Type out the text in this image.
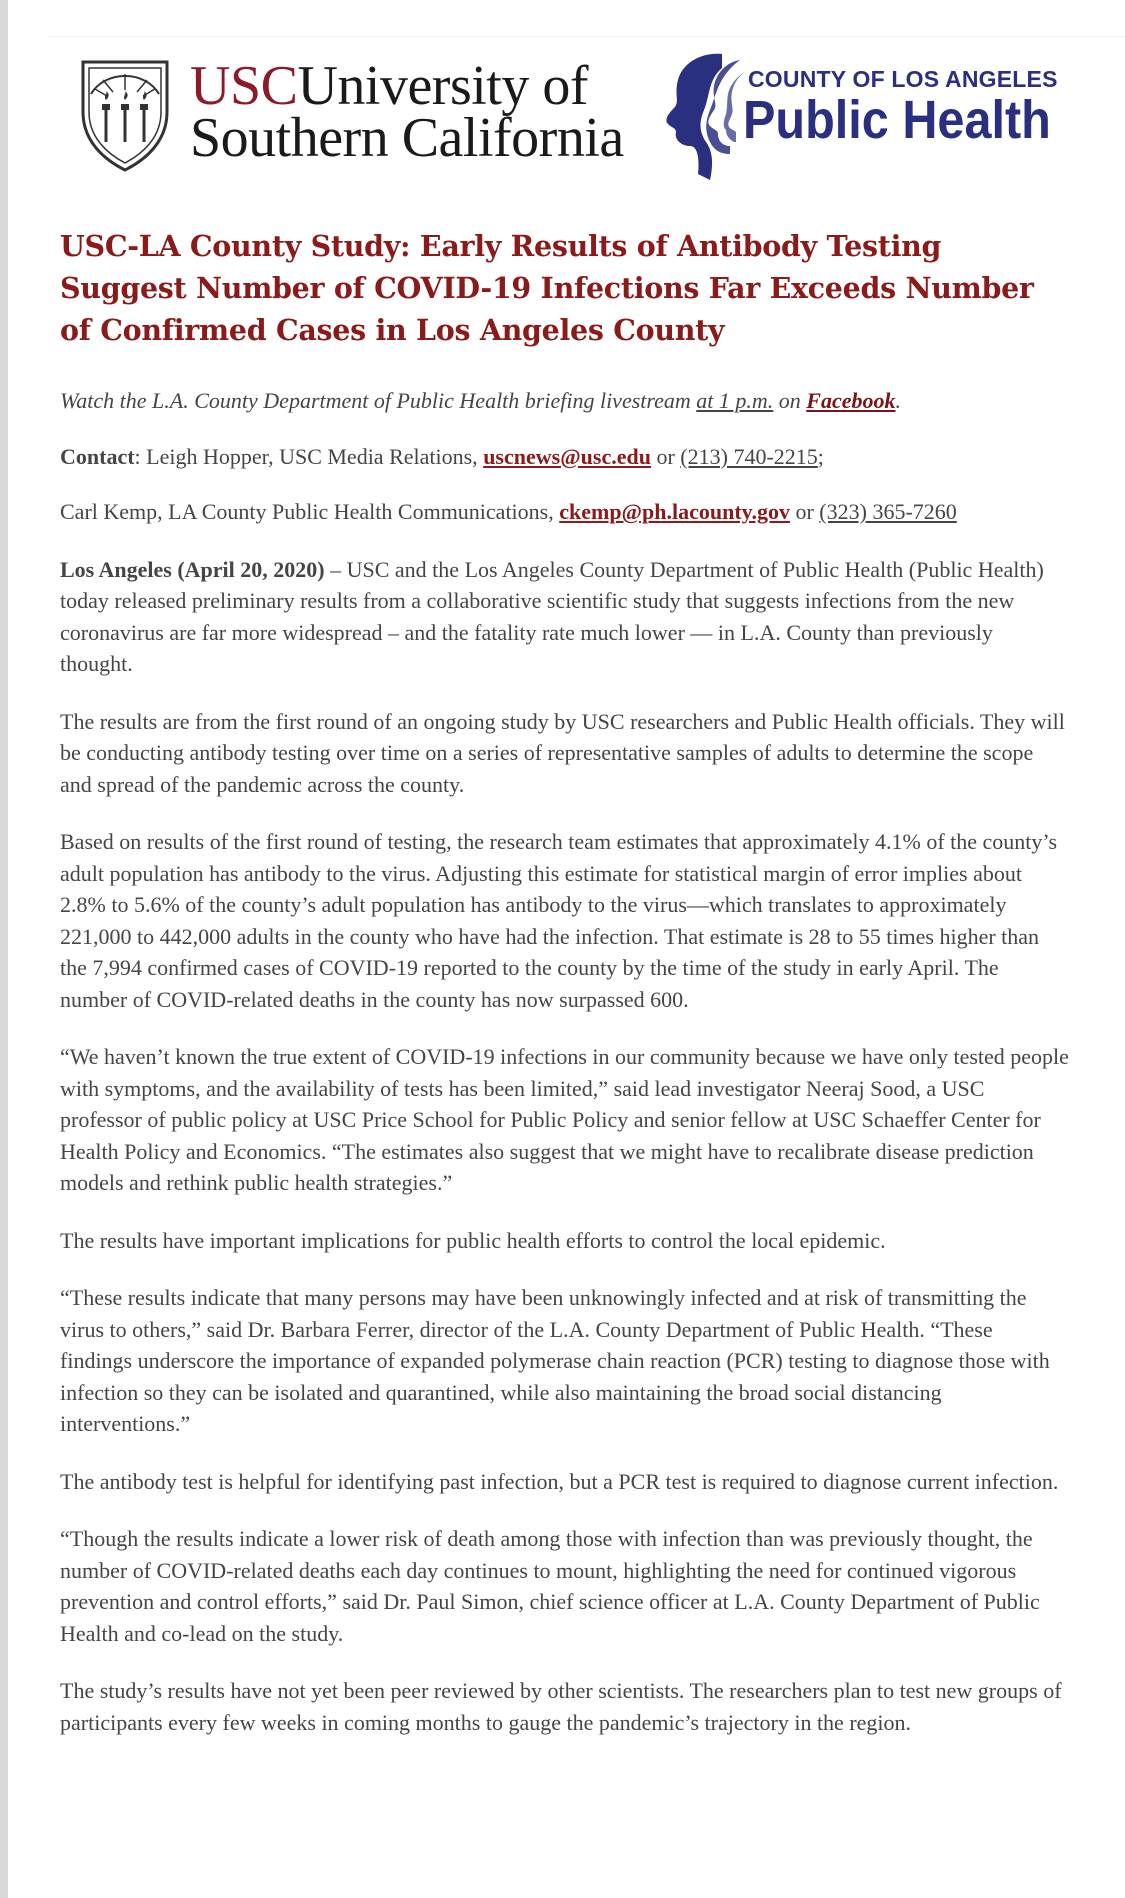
USCUniversity of
Southern California
COUNTY OF LOS ANGELES
Public Health
USC-LA County Study: Early Results of Antibody Testing Suggest Number of COVID-19 Infections Far Exceeds Number of Confirmed Cases in Los Angeles County

Watch the L.A. County Department of Public Health briefing livestream at 1 p.m. on Facebook.

Contact: Leigh Hopper, USC Media Relations, uscnews@usc.edu or (213) 740-2215;

Carl Kemp, LA County Public Health Communications, ckemp@ph.lacounty.gov or (323) 365-7260

Los Angeles (April 20, 2020) – USC and the Los Angeles County Department of Public Health (Public Health) today released preliminary results from a collaborative scientific study that suggests infections from the new coronavirus are far more widespread – and the fatality rate much lower — in L.A. County than previously thought.

The results are from the first round of an ongoing study by USC researchers and Public Health officials. They will be conducting antibody testing over time on a series of representative samples of adults to determine the scope and spread of the pandemic across the county.

Based on results of the first round of testing, the research team estimates that approximately 4.1% of the county’s adult population has antibody to the virus. Adjusting this estimate for statistical margin of error implies about 2.8% to 5.6% of the county’s adult population has antibody to the virus—which translates to approximately 221,000 to 442,000 adults in the county who have had the infection. That estimate is 28 to 55 times higher than the 7,994 confirmed cases of COVID-19 reported to the county by the time of the study in early April. The number of COVID-related deaths in the county has now surpassed 600.

“We haven’t known the true extent of COVID-19 infections in our community because we have only tested people with symptoms, and the availability of tests has been limited,” said lead investigator Neeraj Sood, a USC professor of public policy at USC Price School for Public Policy and senior fellow at USC Schaeffer Center for Health Policy and Economics. “The estimates also suggest that we might have to recalibrate disease prediction models and rethink public health strategies.”

The results have important implications for public health efforts to control the local epidemic.

“These results indicate that many persons may have been unknowingly infected and at risk of transmitting the virus to others,” said Dr. Barbara Ferrer, director of the L.A. County Department of Public Health. “These findings underscore the importance of expanded polymerase chain reaction (PCR) testing to diagnose those with infection so they can be isolated and quarantined, while also maintaining the broad social distancing interventions.”

The antibody test is helpful for identifying past infection, but a PCR test is required to diagnose current infection.

“Though the results indicate a lower risk of death among those with infection than was previously thought, the number of COVID-related deaths each day continues to mount, highlighting the need for continued vigorous prevention and control efforts,” said Dr. Paul Simon, chief science officer at L.A. County Department of Public Health and co-lead on the study.

The study’s results have not yet been peer reviewed by other scientists. The researchers plan to test new groups of participants every few weeks in coming months to gauge the pandemic’s trajectory in the region.
